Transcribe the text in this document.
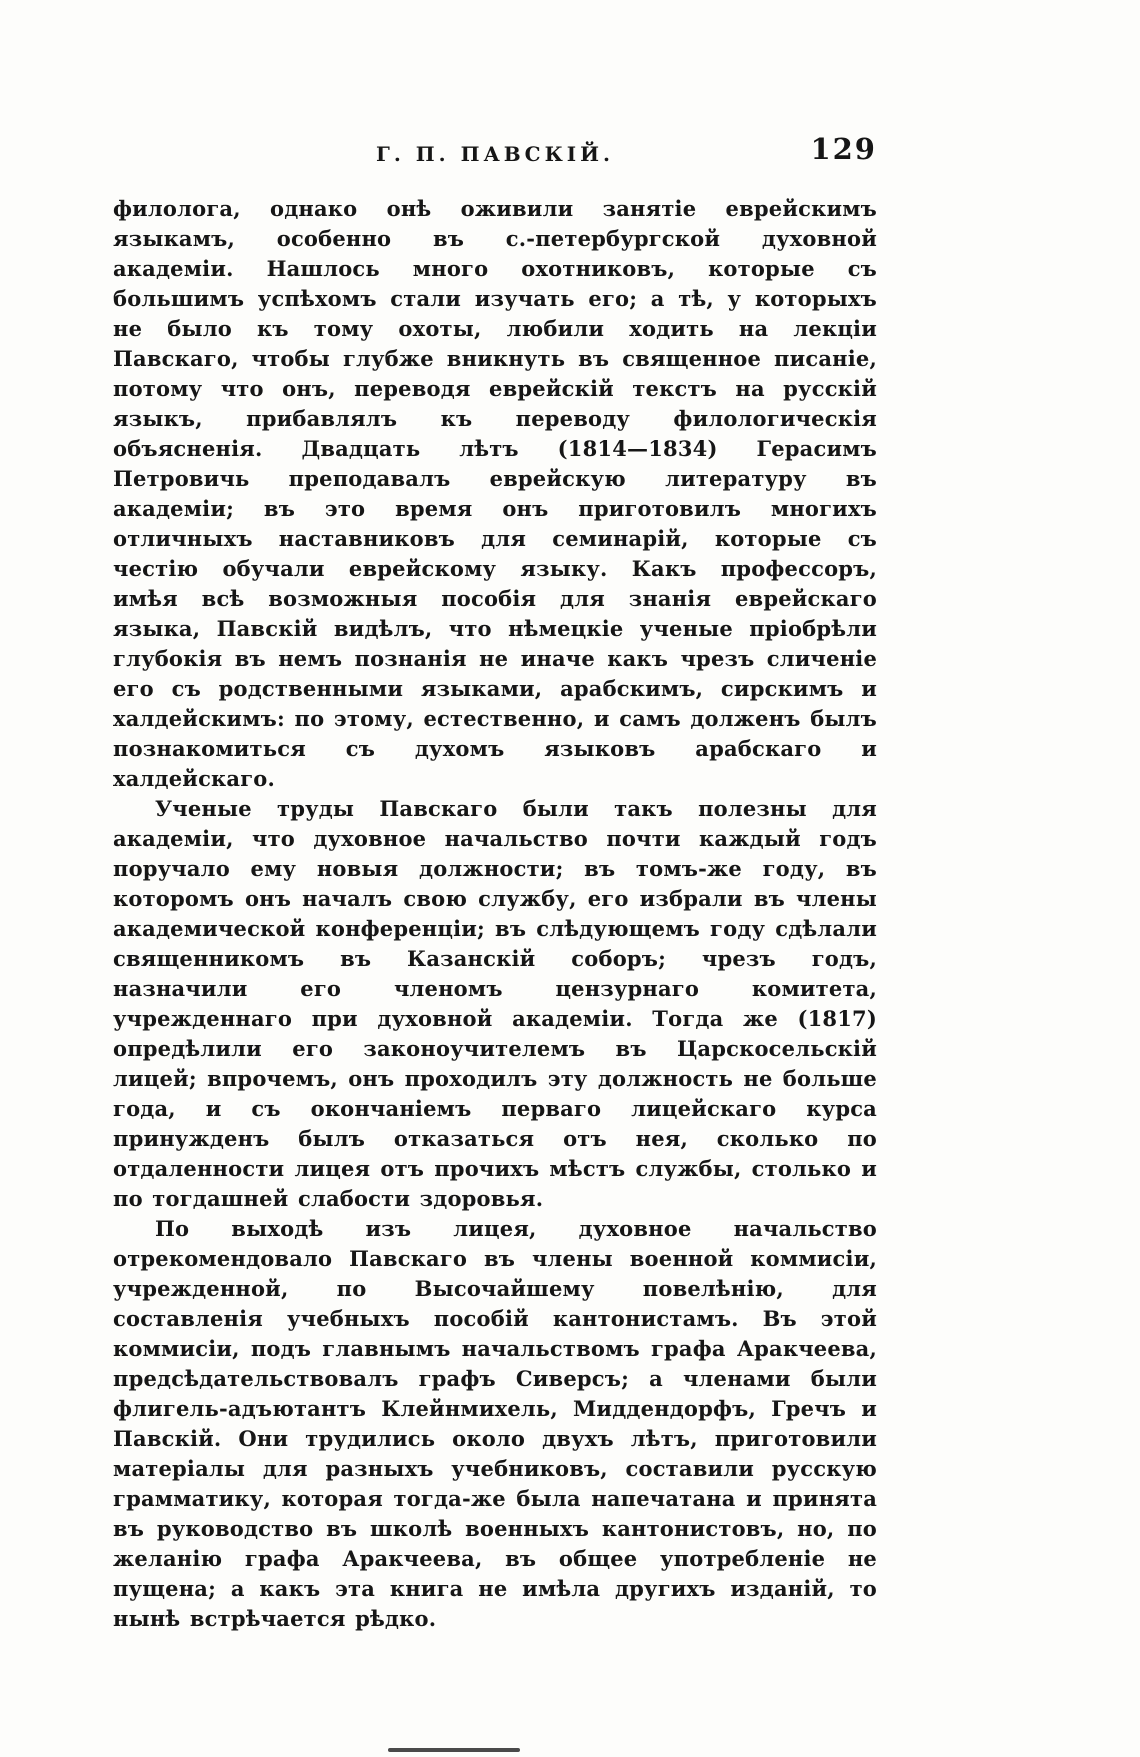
Г. П. ПАВСКІЙ.	129

филолога, однако онѣ оживили занятіе еврейскимъ языкамъ, особенно въ с.-петербургской духовной академіи. Нашлось много охотниковъ, которые съ большимъ успѣхомъ стали изучать его; а тѣ, у которыхъ не было къ тому охоты, любили ходить на лекціи Павскаго, чтобы глубже вникнуть въ священное писаніе, потому что онъ, переводя еврейскій текстъ на русскій языкъ, прибавлялъ къ переводу филологическія объясненія. Двадцать лѣтъ (1814—1834) Герасимъ Петровичь преподавалъ еврейскую литературу въ академіи; въ это время онъ приготовилъ многихъ отличныхъ наставниковъ для семинарій, которые съ честію обучали еврейскому языку. Какъ профессоръ, имѣя всѣ возможныя пособія для знанія еврейскаго языка, Павскій видѣлъ, что нѣмецкіе ученые пріобрѣли глубокія въ немъ познанія не иначе какъ чрезъ сличеніе его съ родственными языками, арабскимъ, сирскимъ и халдейскимъ: по этому, естественно, и самъ долженъ былъ познакомиться съ духомъ языковъ арабскаго и халдейскаго.

Ученые труды Павскаго были такъ полезны для академіи, что духовное начальство почти каждый годъ поручало ему новыя должности; въ томъ-же году, въ которомъ онъ началъ свою службу, его избрали въ члены академической конференціи; въ слѣдующемъ году сдѣлали священникомъ въ Казанскій соборъ; чрезъ годъ, назначили его членомъ цензурнаго комитета, учрежденнаго при духовной академіи. Тогда же (1817) опредѣлили его законоучителемъ въ Царскосельскій лицей; впрочемъ, онъ проходилъ эту должность не больше года, и съ окончаніемъ перваго лицейскаго курса принужденъ былъ отказаться отъ нея, сколько по отдаленности лицея отъ прочихъ мѣстъ службы, столько и по тогдашней слабости здоровья.

По выходѣ изъ лицея, духовное начальство отрекомендовало Павскаго въ члены военной коммисіи, учрежденной, по Высочайшему повелѣнію, для составленія учебныхъ пособій кантонистамъ. Въ этой коммисіи, подъ главнымъ начальствомъ графа Аракчеева, предсѣдательствовалъ графъ Сиверсъ; а членами были флигель-адъютантъ Клейнмихель, Миддендорфъ, Гречъ и Павскій. Они трудились около двухъ лѣтъ, приготовили матеріалы для разныхъ учебниковъ, составили русскую грамматику, которая тогда-же была напечатана и принята въ руководство въ школѣ военныхъ кантонистовъ, но, по желанію графа Аракчеева, въ общее употребленіе не пущена; а какъ эта книга не имѣла другихъ изданій, то нынѣ встрѣчается рѣдко.
